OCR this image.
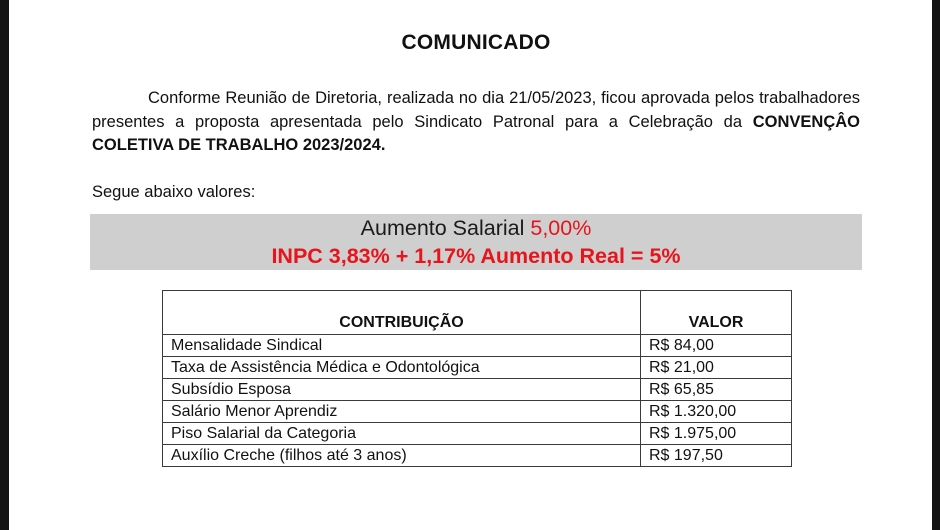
COMUNICADO

Conforme Reunião de Diretoria, realizada no dia 21/05/2023, ficou aprovada pelos trabalhadores presentes a proposta apresentada pelo Sindicato Patronal para a Celebração da CONVENÇÂO COLETIVA DE TRABALHO 2023/2024.

Segue abaixo valores:
Aumento Salarial 5,00%
INPC 3,83% + 1,17% Aumento Real = 5%
CONTRIBUIÇÃO	VALOR
Mensalidade Sindical	R$ 84,00
Taxa de Assistência Médica e Odontológica	R$ 21,00
Subsídio Esposa	R$ 65,85
Salário Menor Aprendiz	R$ 1.320,00
Piso Salarial da Categoria	R$ 1.975,00
Auxílio Creche (filhos até 3 anos)	R$ 197,50
